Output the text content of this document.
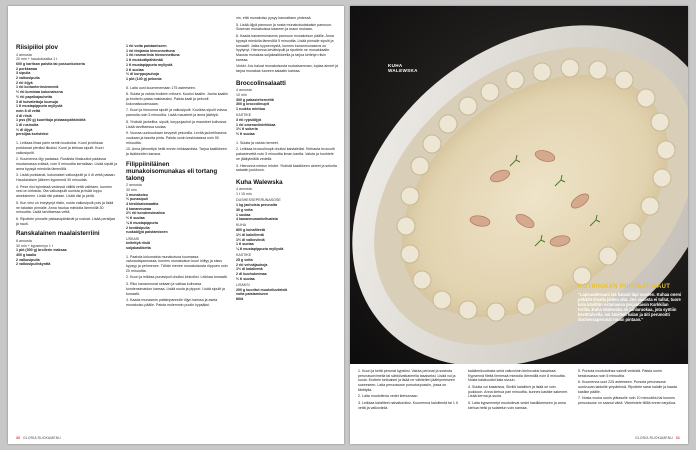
Riisipiiloi plov
4 annosta
20 min + haudutusaika 1 t
600 g karitsan paistia tai possunkoiseria
2 porkkanaa
3 sipulia
2 valkosipulia
2 rkl öljyä
1 rkl korianterinsiemeniä
½ rkl kuminaa kokonaisena
½ rkl paprikajauhetta
3 dl kuivatettuja luumuja
1 tl mustapippuria myllystä
noin 8 dl vettä
4 dl riisiä
1 pss (50 g) kuorittuja pistaasipähkinöitä
1 dl rusinoita
½ dl öljyä
persiljaa koristeksi

1. Leikkaa lihaa parin sentin kuutioiksi. Kuori ja leikkaa porkkanat pieniksi tikuiksi. Kuori ja leikkaa sipulit. Kuori valkosipulit.

2. Kuumenna öljy padassa. Ruskista lihakuutiot padassa muutamassa erässä, noin 5 minuuttia kerrallaan. Lisää sipulit ja anna kypsyä miedolla lämmöllä.

3. Lisää porkkanat, kokonaiset valkosipulit ja 4 dl vettä pataan. Haudutuksen jälkeen kypsennä 30 minuuttia.

4. Pese riisi kylmässä vedessä välillä vettä vaihtaen, kunnes vesi on kirkasta. Ota valkosipulit uunista ja lisää loppu aineksineen. Lisää riisi pataan. Lisää riisi ja peitä.

5. Kun vesi on imeytynyt riisiin, nosta valkosipulit pois ja lisää ne takaisin pinnalle. Anna hautua miedolla lämmöllä 30 minuuttia. Lisää tarvittaessa vettä.

6. Ripottele pinnalle pistaasipähkinät ja rusinat. Lisää persiljaa ja nauti.

Ranskalainen maalaisterriini
8 annosta
30 min + kypsennys 1 t
1 pkt (300 g) broilerin maksaa
400 g kaalia
2 valkosipulia
2 valkosipulinkynttä
1 rkl voita paistamiseen
1 rkl timjamia hienonnettuna
1 rkl rosmariinia hienonnettuna
1 tl muskottipähkinää
1 tl mustapippuria myllystä
2 tl suolaa
½ dl korppujauhoja
1 pkt (140 g) pekonia

5. Laita uuni kuumenemaan 175 asteeseen.

6. Sulata ja valuta broilerin mikseri. Kuutioi kaaliin. Jauha kaaliin ja broilerin pataa makkaraksi. Paista kaali ja pekonit kokonaisuudessaan.

7. Kuori ja hienonna sipulit ja valkosipulit. Kuullota sipulit voissa pannulla noin 5 minuuttia. Lisää mausteet ja anna jäähtyä.

8. Yhdistä jauheliha, sipulit, korppujauhot ja mausteet kulhossa. Lisää tarvittaessa suolaa.

9. Vuoraa uunivuokaan kevyesti pekonilla. Levitä jauhelihaseos vuokaan ja tasoita pinta. Paista uunin keskiosassa noin 50 minuuttia.

10. Anna jähmettyä hetki ennen leikkaamista. Tarjoa kastikkeen ja lisäkkeiden kanssa.

Filippiiniläinen munakoisomunakas eli tortang talong
2 annosta
30 min
1 munakoiso
½ punasipuli
4 kirsikkatomaattia
4 kananmunaa
2½ rkl kondensimaitoa
½ tl suolaa
¼ tl mustapippuria
2 kevätsipulia
ruokaöljyä paistamiseen
USKASI
keitettyä riisiä
soijakastiketta

1. Paahda kokonaista munakoisoa kuumassa valurautapannussa, kunnes munakoison kuori hiiltyy ja sisus kypsyy ja pehmenee. Tähän menee munakoisosta riippuen noin 20 minuuttia.

2. Kuori ja leikkaa punasipuli ohuiksi lohkoiksi. Leikkaa tomaatit.

3. Riko kananmunat sekaan ja vatkaa kulhossa kondensimaidon kanssa. Lisää suola ja pippuri. Lisää sipulit ja tomaatit.

4. Kaada munaseos paistinpannulle öljyn kanssa ja aseta munakoiso päälle. Paista molemmin puolin kypsäksi.

nin, että munakoiso pysyy kannattaen yhdessä.

5. Lisää öljyä pannuun ja nosta munakoisotakaisin pannuun. Sosevan munakoisoa kaareen ja maun mukaan.

6. Kaada kananmunaseos pannuun munakoison päälle. Anna kypsyä miedolla lämmöllä 5 minuuttia. Lisää pinnalle sipulit ja tomaatit. Jatka kypsennystä, kunnes kananmunaseos on hyytynyt. Hienonna kevätsipulit ja ripottele ne munakkaalle. Mausta munakas soijakastikkeella ja tarjoa keitetyn riisin kanssa.

Vinkki: Jos haluat munakoisosta ruokaisamman, tuplaa aineet ja tarjoa munakas tuoreen salaatin kanssa.

Broccolinsalaatti
4 annosta
10 min
300 g pakastehernettä
300 g broccolinupit
1 ruukku minttua
KASTIKE
3 rkl rypsiöljyä
1 rkl omenaviinietikkaa
1½ tl sokeria
½ tl suolaa

1. Sulata ja valuta herneet.

2. Leikkaa broccolinupit ohuiksi kaistaleiksi. Kiehauta broccolit pakastevettä noin 5 minuuttia ilman kantta. Valuta ja huuhtele ne jääkylmällä vedellä.

3. Hienonna mintun lehdet. Yhdistä kastikkeen aineet ja sekoita salaatin joukkoon.

Kuha Walewska
4 annosta
1 t 15 min
DUSHESSEPERUNASOSE
1 kg jauhoisia perunoita
30 g voita
1 suolaa
4 kananmunankeltuaista
KUHA
800 g kuhafileetä
1½ dl kaloilientä
1½ dl valkoviiniä
1 tl suolaa
¼ tl mustapippuria myllystä
KASTIKE
25 g voita
2 rkl vehnäjauhoja
1½ dl kalalientä
2 dl kuohukermaa
½ tl suolaa
LISÄKSI
200 g kuoritut muotoiluvärisiä
voita paistamiseen
tilliä
30 GLORIA RUOKAMENU
KUHA
WALEWSKA
KOTIPAIKAN PUHTAAT MAUT
"Lapsuudessani isä kalasti läpi vuoden. Kuhaa oneni päkällä tiinalla jäiden alta. Jos saalista ei tullut, tuore kala kävittiin ostamassa perjantaisin Karkkilan torilta. Kuha Walewska oli juhlaruokaa, jota syötiin kevättalvella. Isä käsitteli kalan ja äiti perunoitti duchessaperunat ruuan pintaan."

1. Kuori ja keitä perunat kypsiksi. Valuta perunat ja soseuta perunasurvimella tai sähkövatkaimella tasaiseksi. Lisää voi ja suola. Erottele keltuaiset ja lisää ne vähitellen jäähtyneeseen soseeseen. Laita perunasose pursotuspussiin, jossa on tähtitylla.

2. Laita muotoilevia vedet kiehumaan.

3. Leikkaa kalafileet nahattomiksi. Kuumenna kaloilientä tai 1 tl vettä ja valkoviiniä.

kalalienikuutiosta sekä valkoviinin kiehuvaksi kasarissa. Kypsennä fileitä liemessä miedolla lämmöllä noin 8 minuuttia. Nosta kalakuutiot kala sivuun.

4. Sulata voi kasarissa. Siivilöi kalaliemi ja lisää se voin joukkoon. Anna kiehua pari minuuttia, kunnes kastike sakenee. Lisää kerma ja suola.

5. Laita kypsennetyt muotoilevat vedet kastikkeeseen ja anna kiehua hetki ja sulatetun voin kanssa.

5. Pursota muotoisiinsa valmiit vedestä. Paista uunin keskiosassa noin 5 minuuttia.

6. Kuumenna uuni 225 asteeseen. Pursota perunasose uunivuoan laidoille ympäriinsä. Ripottele sarat kalalle ja kaada kastike päälle.

7. Nosta vuoka uunin ylätasolle noin 10 minuutiksi tai kunnes perunasose on saanut väriä. Viimeistele tillillä ennen tarjoilua.

GLORIA RUOKAMENU 31
